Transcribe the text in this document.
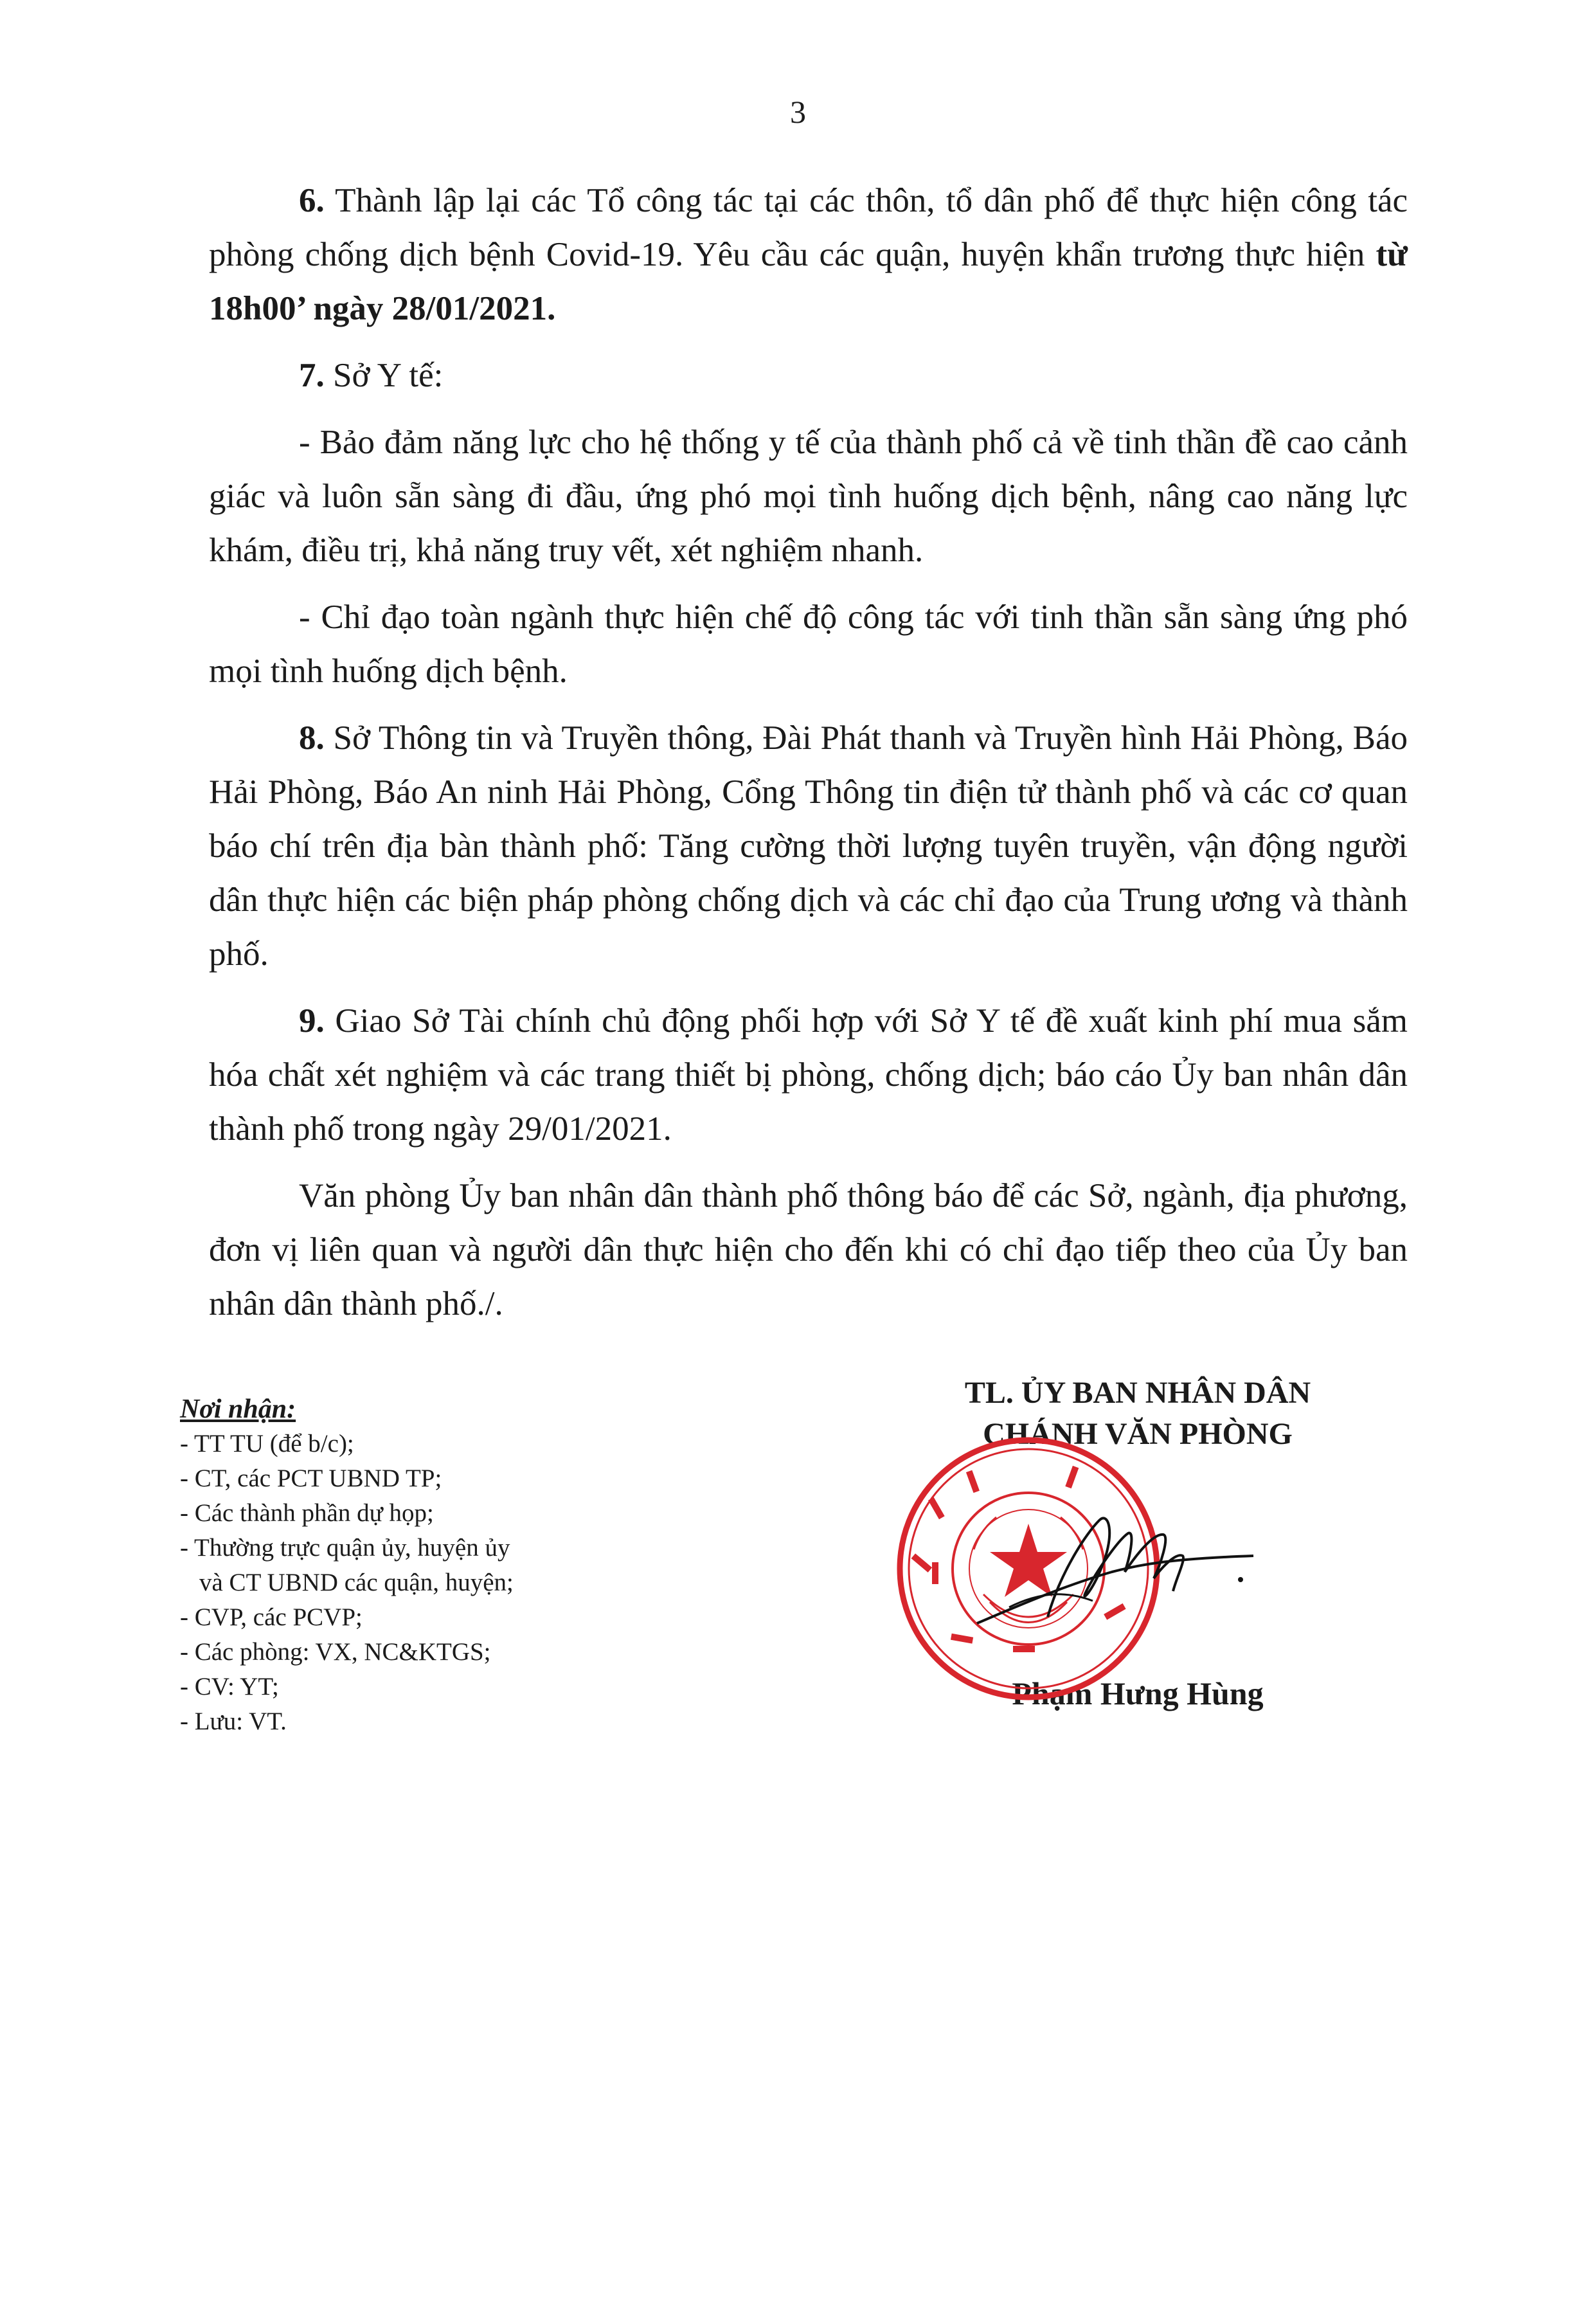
3

6. Thành lập lại các Tổ công tác tại các thôn, tổ dân phố để thực hiện công tác phòng chống dịch bệnh Covid-19. Yêu cầu các quận, huyện khẩn trương thực hiện từ 18h00’ ngày 28/01/2021.

7. Sở Y tế:

- Bảo đảm năng lực cho hệ thống y tế của thành phố cả về tinh thần đề cao cảnh giác và luôn sẵn sàng đi đầu, ứng phó mọi tình huống dịch bệnh, nâng cao năng lực khám, điều trị, khả năng truy vết, xét nghiệm nhanh.

- Chỉ đạo toàn ngành thực hiện chế độ công tác với tinh thần sẵn sàng ứng phó mọi tình huống dịch bệnh.

8. Sở Thông tin và Truyền thông, Đài Phát thanh và Truyền hình Hải Phòng, Báo Hải Phòng, Báo An ninh Hải Phòng, Cổng Thông tin điện tử thành phố và các cơ quan báo chí trên địa bàn thành phố: Tăng cường thời lượng tuyên truyền, vận động người dân thực hiện các biện pháp phòng chống dịch và các chỉ đạo của Trung ương và thành phố.

9. Giao Sở Tài chính chủ động phối hợp với Sở Y tế đề xuất kinh phí mua sắm hóa chất xét nghiệm và các trang thiết bị phòng, chống dịch; báo cáo Ủy ban nhân dân thành phố trong ngày 29/01/2021.

Văn phòng Ủy ban nhân dân thành phố thông báo để các Sở, ngành, địa phương, đơn vị liên quan và người dân thực hiện cho đến khi có chỉ đạo tiếp theo của Ủy ban nhân dân thành phố./.

Nơi nhận:
- TT TU (để b/c);
- CT, các PCT UBND TP;
- Các thành phần dự họp;
- Thường trực quận ủy, huyện ủy
và CT UBND các quận, huyện;
- CVP, các PCVP;
- Các phòng: VX, NC&KTGS;
- CV: YT;
- Lưu: VT.
TL. ỦY BAN NHÂN DÂN
CHÁNH VĂN PHÒNG
Phạm Hưng Hùng
